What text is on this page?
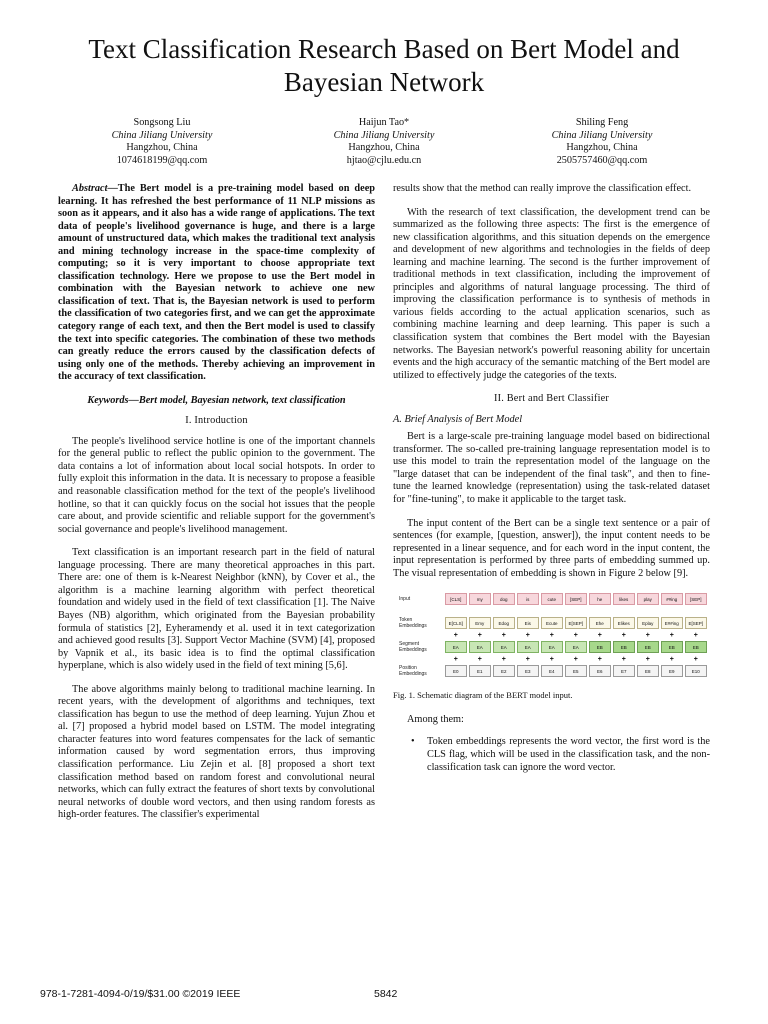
Text Classification Research Based on Bert Model and Bayesian Network
Songsong Liu
China Jiliang University
Hangzhou, China
1074618199@qq.com
Haijun Tao*
China Jiliang University
Hangzhou, China
hjtao@cjlu.edu.cn
Shiling Feng
China Jiliang University
Hangzhou, China
2505757460@qq.com
Abstract—The Bert model is a pre-training model based on deep learning. It has refreshed the best performance of 11 NLP missions as soon as it appears, and it also has a wide range of applications. The text data of people's livelihood governance is huge, and there is a large amount of unstructured data, which makes the traditional text analysis and mining technology increase in the space-time complexity of computing; so it is very important to choose appropriate text classification technology. Here we propose to use the Bert model in combination with the Bayesian network to achieve one new classification of text. That is, the Bayesian network is used to perform the classification of two categories first, and we can get the approximate category range of each text, and then the Bert model is used to classify the text into specific categories. The combination of these two methods can greatly reduce the errors caused by the classification defects of using only one of the methods. Thereby achieving an improvement in the accuracy of text classification.
Keywords—Bert model, Bayesian network, text classification
I. Introduction

The people's livelihood service hotline is one of the important channels for the general public to reflect the public opinion to the government. The data contains a lot of information about local social hotspots. In order to fully exploit this information in the data. It is necessary to propose a feasible and reasonable classification method for the text of the people's livelihood hotline, so that it can quickly focus on the social hot issues that the people care about, and provide scientific and reliable support for the government's social governance and people's livelihood management.

Text classification is an important research part in the field of natural language processing. There are many theoretical approaches in this part. There are: one of them is k-Nearest Neighbor (kNN), by Cover et al., the algorithm is a machine learning algorithm with perfect theoretical foundation and widely used in the field of text classification [1]. The Naive Bayes (NB) algorithm, which originated from the Bayesian probability formula of statistics [2], Eyheramendy et al. used it in text categorization and achieved good results [3]. Support Vector Machine (SVM) [4], proposed by Vapnik et al., its basic idea is to find the optimal classification hyperplane, which is also widely used in the field of text mining [5,6].

The above algorithms mainly belong to traditional machine learning. In recent years, with the development of algorithms and techniques, text classification has begun to use the method of deep learning. Yujun Zhou et al. [7] proposed a hybrid model based on LSTM. The model integrating character features into word features compensates for the lack of semantic information caused by word segmentation errors, thus improving classification performance. Liu Zejin et al. [8] proposed a short text classification method based on random forest and convolutional neural networks, which can fully extract the features of short texts by convolutional neural networks of double word vectors, and then using random forests as high-order features. The classifier's experimental

results show that the method can really improve the classification effect.

With the research of text classification, the development trend can be summarized as the following three aspects: The first is the emergence of new classification algorithms, and this situation depends on the emergence and development of new algorithms and technologies in the fields of deep learning and machine learning. The second is the further improvement of traditional methods in text classification, including the improvement of principles and algorithms of natural language processing. The third of improving the classification performance is to synthesis of methods in various fields according to the actual application scenarios, such as combining machine learning and deep learning. This paper is such a classification system that combines the Bert model with the Bayesian networks. The Bayesian network's powerful reasoning ability for uncertain events and the high accuracy of the semantic matching of the Bert model are utilized to effectively judge the categories of the texts.

II. Bert and Bert Classifier
A. Brief Analysis of Bert Model

Bert is a large-scale pre-training language model based on bidirectional transformer. The so-called pre-training language representation model is to use this model to train the representation model of the language on the "large dataset that can be independent of the final task", and then to fine-tune the learned knowledge (representation) using the task-related dataset for "fine-tuning", to make it applicable to the target task.

The input content of the Bert can be a single text sentence or a pair of sentences (for example, [question, answer]), the input content needs to be represented in a linear sequence, and for each word in the input content, the input representation is performed by three parts of embedding summed up. The visual representation of embedding is shown in Figure 2 below [9].

Input	[CLS]	my	dog	is	cute	[SEP]	he	likes	play	##ing	[SEP]
Token Embeddings	E[CLS]	Emy	Edog	Eis	Ecute	E[SEP]	Ehe	Elikes	Eplay	E##ing	E[SEP]
Segment Embeddings	EA	EA	EA	EA	EA	EA	EB	EB	EB	EB	EB
Position Embeddings	E0	E1	E2	E3	E4	E5	E6	E7	E8	E9	E10
+	+	+	+	+	+	+	+	+	+	+
+	+	+	+	+	+	+	+	+	+	+
Fig. 1. Schematic diagram of the BERT model input.

Among them:

• Token embeddings represents the word vector, the first word is the CLS flag, which will be used in the classification task, and the non-classification task can ignore the word vector.
978-1-7281-4094-0/19/$31.00 ©2019 IEEE	5842
